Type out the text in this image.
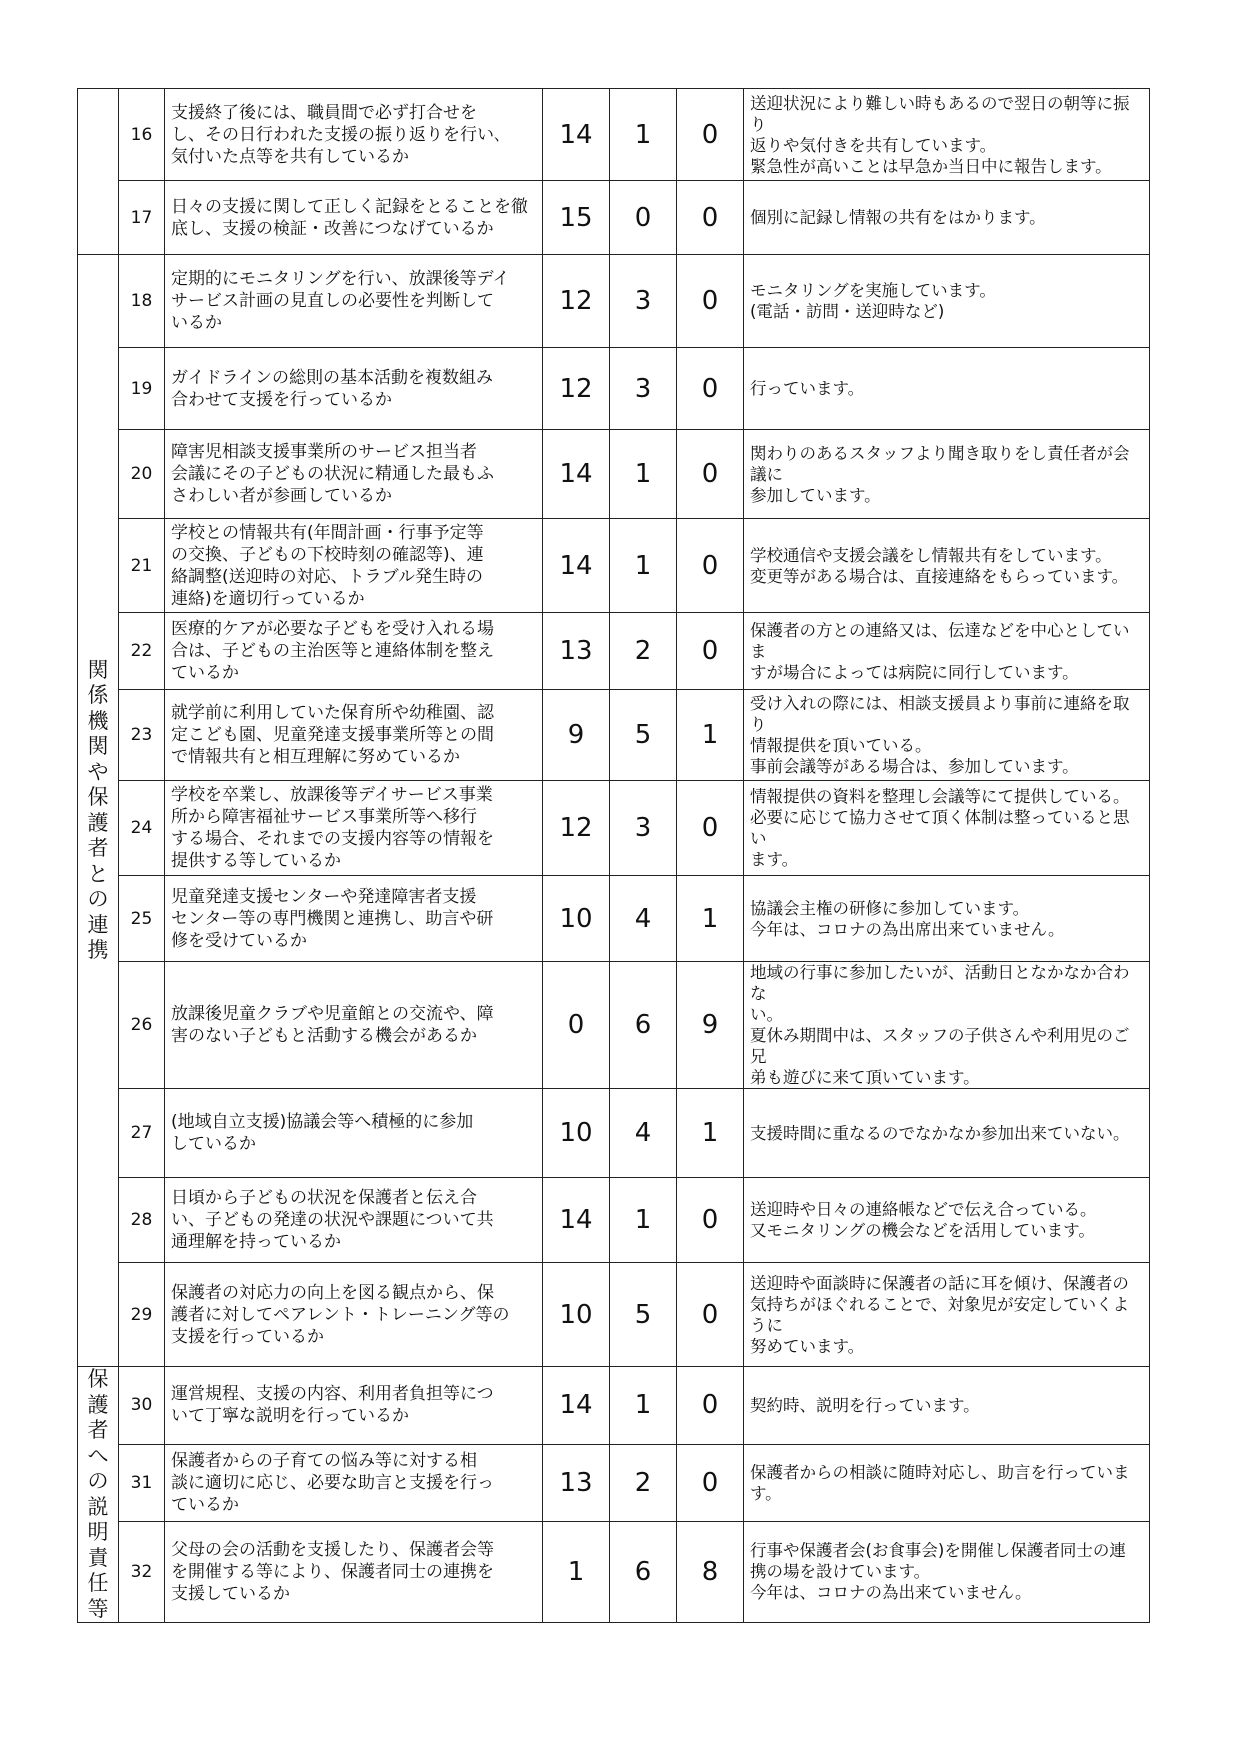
	16	支援終了後には、職員間で必ず打合せを
し、その日行われた支援の振り返りを行い､
気付いた点等を共有しているか	14	1	0	送迎状況により難しい時もあるので翌日の朝等に振り
返りや気付きを共有しています。
緊急性が高いことは早急か当日中に報告します。

	17	日々の支援に関して正しく記録をとることを徹底し、支援の検証・改善につなげているか	15	0	0	個別に記録し情報の共有をはかります。

関係機関や保護者との連携	18	定期的にモニタリングを行い、放課後等デイ
サービス計画の見直しの必要性を判断して
いるか	12	3	0	モニタリングを実施しています。
(電話・訪問・送迎時など)

	19	ガイドラインの総則の基本活動を複数組み
合わせて支援を行っているか	12	3	0	行っています。

	20	障害児相談支援事業所のサービス担当者
会議にその子どもの状況に精通した最もふ
さわしい者が参画しているか	14	1	0	関わりのあるスタッフより聞き取りをし責任者が会議に
参加しています。

	21	学校との情報共有(年間計画・行事予定等
の交換、子どもの下校時刻の確認等)、連
絡調整(送迎時の対応、トラブル発生時の
連絡)を適切行っているか	14	1	0	学校通信や支援会議をし情報共有をしています。
変更等がある場合は、直接連絡をもらっています。

	22	医療的ケアが必要な子どもを受け入れる場
合は、子どもの主治医等と連絡体制を整え
ているか	13	2	0	保護者の方との連絡又は、伝達などを中心としていま
すが場合によっては病院に同行しています。

	23	就学前に利用していた保育所や幼稚園、認
定こども園、児童発達支援事業所等との間
で情報共有と相互理解に努めているか	9	5	1	受け入れの際には、相談支援員より事前に連絡を取り
情報提供を頂いている。
事前会議等がある場合は、参加しています。

	24	学校を卒業し、放課後等デイサービス事業
所から障害福祉サービス事業所等へ移行
する場合、それまでの支援内容等の情報を
提供する等しているか	12	3	0	情報提供の資料を整理し会議等にて提供している。
必要に応じて協力させて頂く体制は整っていると思い
ます。

	25	児童発達支援センターや発達障害者支援
センター等の専門機関と連携し、助言や研
修を受けているか	10	4	1	協議会主権の研修に参加しています。
今年は、コロナの為出席出来ていません。

	26	放課後児童クラブや児童館との交流や、障
害のない子どもと活動する機会があるか	0	6	9	地域の行事に参加したいが、活動日となかなか合わな
い。
夏休み期間中は、スタッフの子供さんや利用児のご兄
弟も遊びに来て頂いています。

	27	(地域自立支援)協議会等へ積極的に参加
しているか	10	4	1	支援時間に重なるのでなかなか参加出来ていない。

	28	日頃から子どもの状況を保護者と伝え合
い、子どもの発達の状況や課題について共
通理解を持っているか	14	1	0	送迎時や日々の連絡帳などで伝え合っている。
又モニタリングの機会などを活用しています。

	29	保護者の対応力の向上を図る観点から、保
護者に対してペアレント・トレーニング等の
支援を行っているか	10	5	0	送迎時や面談時に保護者の話に耳を傾け、保護者の
気持ちがほぐれることで、対象児が安定していくように
努めています。

保護者への説明責任等	30	運営規程、支援の内容、利用者負担等につ
いて丁寧な説明を行っているか	14	1	0	契約時、説明を行っています。

	31	保護者からの子育ての悩み等に対する相
談に適切に応じ、必要な助言と支援を行っ
ているか	13	2	0	保護者からの相談に随時対応し、助言を行っていま
す。

	32	父母の会の活動を支援したり、保護者会等
を開催する等により、保護者同士の連携を
支援しているか	1	6	8	行事や保護者会(お食事会)を開催し保護者同士の連
携の場を設けています。
今年は、コロナの為出来ていません。
